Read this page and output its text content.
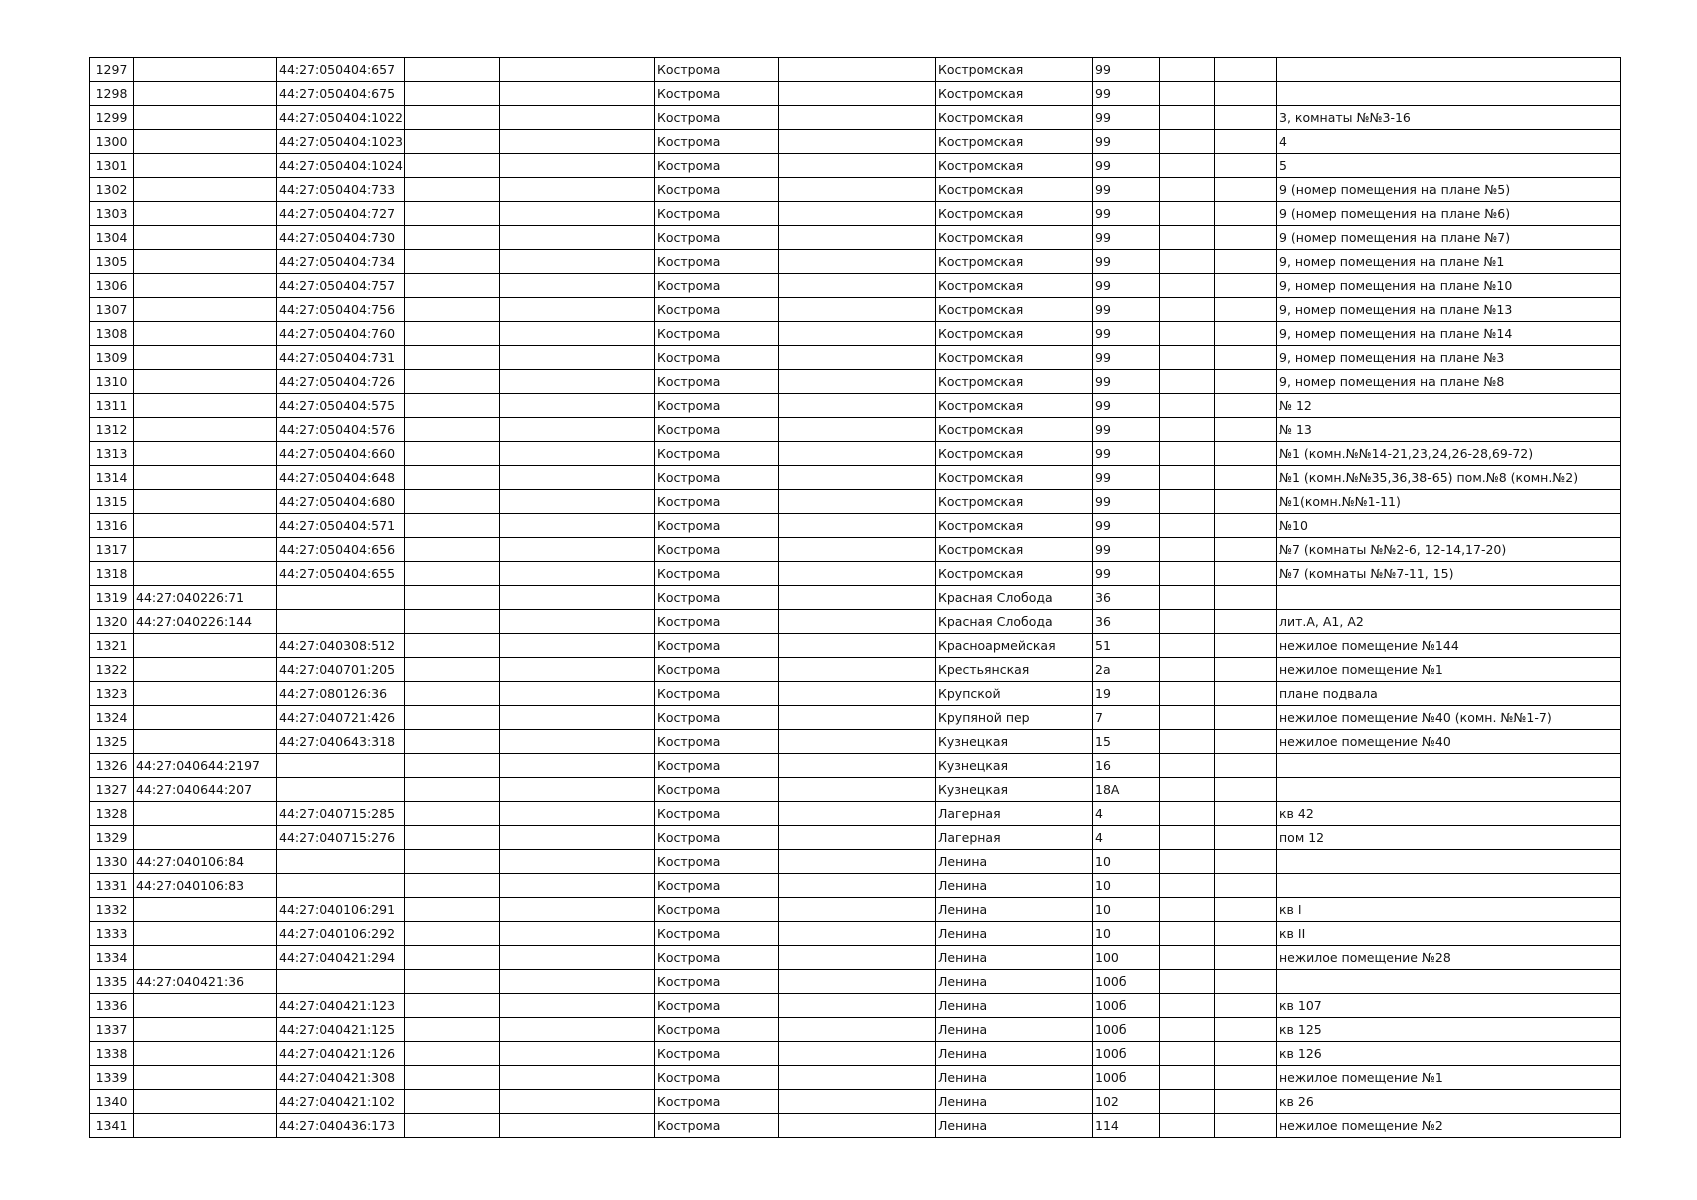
1297		44:27:050404:657			Кострома		Костромская	99			
1298		44:27:050404:675			Кострома		Костромская	99			
1299		44:27:050404:1022			Кострома		Костромская	99			3, комнаты №№3-16
1300		44:27:050404:1023			Кострома		Костромская	99			4
1301		44:27:050404:1024			Кострома		Костромская	99			5
1302		44:27:050404:733			Кострома		Костромская	99			9 (номер помещения на плане №5)
1303		44:27:050404:727			Кострома		Костромская	99			9 (номер помещения на плане №6)
1304		44:27:050404:730			Кострома		Костромская	99			9 (номер помещения на плане №7)
1305		44:27:050404:734			Кострома		Костромская	99			9, номер помещения на плане №1
1306		44:27:050404:757			Кострома		Костромская	99			9, номер помещения на плане №10
1307		44:27:050404:756			Кострома		Костромская	99			9, номер помещения на плане №13
1308		44:27:050404:760			Кострома		Костромская	99			9, номер помещения на плане №14
1309		44:27:050404:731			Кострома		Костромская	99			9, номер помещения на плане №3
1310		44:27:050404:726			Кострома		Костромская	99			9, номер помещения на плане №8
1311		44:27:050404:575			Кострома		Костромская	99			№ 12
1312		44:27:050404:576			Кострома		Костромская	99			№ 13
1313		44:27:050404:660			Кострома		Костромская	99			№1 (комн.№№14-21,23,24,26-28,69-72)
1314		44:27:050404:648			Кострома		Костромская	99			№1 (комн.№№35,36,38-65) пом.№8 (комн.№2)
1315		44:27:050404:680			Кострома		Костромская	99			№1(комн.№№1-11)
1316		44:27:050404:571			Кострома		Костромская	99			№10
1317		44:27:050404:656			Кострома		Костромская	99			№7 (комнаты №№2-6, 12-14,17-20)
1318		44:27:050404:655			Кострома		Костромская	99			№7 (комнаты №№7-11, 15)
1319	44:27:040226:71				Кострома		Красная Слобода	36			
1320	44:27:040226:144				Кострома		Красная Слобода	36			лит.А, А1, А2
1321		44:27:040308:512			Кострома		Красноармейская	51			нежилое помещение №144
1322		44:27:040701:205			Кострома		Крестьянская	2а			нежилое помещение №1
1323		44:27:080126:36			Кострома		Крупской	19			плане подвала
1324		44:27:040721:426			Кострома		Крупяной пер	7			нежилое помещение №40 (комн. №№1-7)
1325		44:27:040643:318			Кострома		Кузнецкая	15			нежилое помещение №40
1326	44:27:040644:2197				Кострома		Кузнецкая	16			
1327	44:27:040644:207				Кострома		Кузнецкая	18А			
1328		44:27:040715:285			Кострома		Лагерная	4			кв 42
1329		44:27:040715:276			Кострома		Лагерная	4			пом 12
1330	44:27:040106:84				Кострома		Ленина	10			
1331	44:27:040106:83				Кострома		Ленина	10			
1332		44:27:040106:291			Кострома		Ленина	10			кв I
1333		44:27:040106:292			Кострома		Ленина	10			кв II
1334		44:27:040421:294			Кострома		Ленина	100			нежилое помещение №28
1335	44:27:040421:36				Кострома		Ленина	100б			
1336		44:27:040421:123			Кострома		Ленина	100б			кв 107
1337		44:27:040421:125			Кострома		Ленина	100б			кв 125
1338		44:27:040421:126			Кострома		Ленина	100б			кв 126
1339		44:27:040421:308			Кострома		Ленина	100б			нежилое помещение №1
1340		44:27:040421:102			Кострома		Ленина	102			кв 26
1341		44:27:040436:173			Кострома		Ленина	114			нежилое помещение №2
